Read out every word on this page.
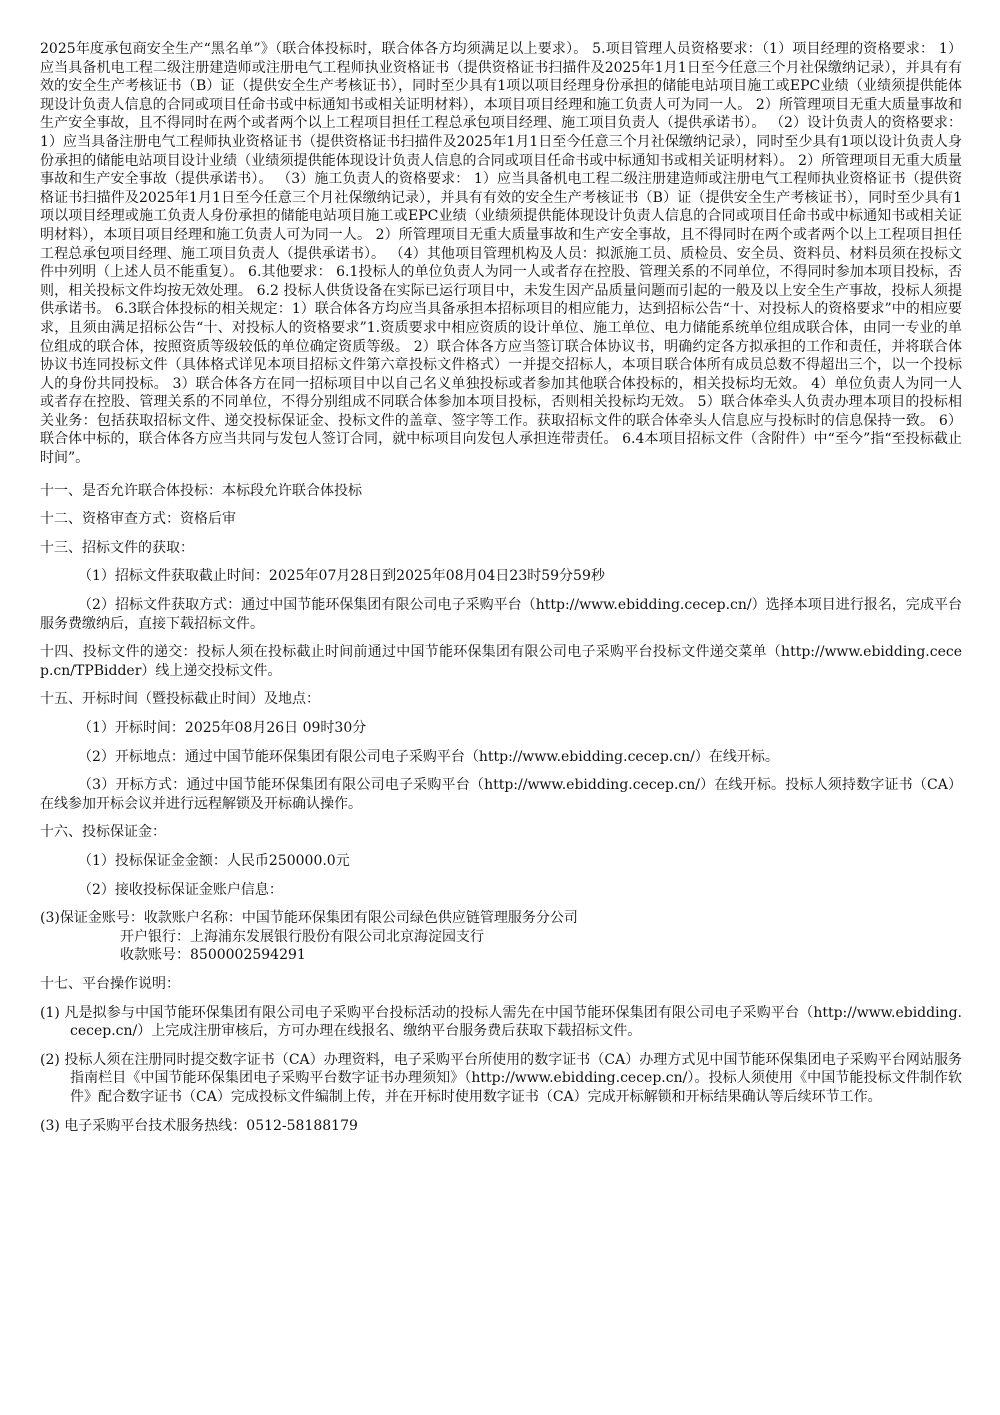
2025年度承包商安全生产“黑名单”》（联合体投标时，联合体各方均须满足以上要求）。 5.项目管理人员资格要求：（1）项目经理的资格要求： 1）应当具备机电工程二级注册建造师或注册电气工程师执业资格证书（提供资格证书扫描件及2025年1月1日至今任意三个月社保缴纳记录），并具有有效的安全生产考核证书（B）证（提供安全生产考核证书），同时至少具有1项以项目经理身份承担的储能电站项目施工或EPC业绩（业绩须提供能体现设计负责人信息的合同或项目任命书或中标通知书或相关证明材料），本项目项目经理和施工负责人可为同一人。 2）所管理项目无重大质量事故和生产安全事故，且不得同时在两个或者两个以上工程项目担任工程总承包项目经理、施工项目负责人（提供承诺书）。 （2）设计负责人的资格要求： 1）应当具备注册电气工程师执业资格证书（提供资格证书扫描件及2025年1月1日至今任意三个月社保缴纳记录），同时至少具有1项以设计负责人身份承担的储能电站项目设计业绩（业绩须提供能体现设计负责人信息的合同或项目任命书或中标通知书或相关证明材料）。 2）所管理项目无重大质量事故和生产安全事故（提供承诺书）。 （3）施工负责人的资格要求： 1）应当具备机电工程二级注册建造师或注册电气工程师执业资格证书（提供资格证书扫描件及2025年1月1日至今任意三个月社保缴纳记录），并具有有效的安全生产考核证书（B）证（提供安全生产考核证书），同时至少具有1项以项目经理或施工负责人身份承担的储能电站项目施工或EPC业绩（业绩须提供能体现设计负责人信息的合同或项目任命书或中标通知书或相关证明材料），本项目项目经理和施工负责人可为同一人。 2）所管理项目无重大质量事故和生产安全事故，且不得同时在两个或者两个以上工程项目担任工程总承包项目经理、施工项目负责人（提供承诺书）。 （4）其他项目管理机构及人员：拟派施工员、质检员、安全员、资料员、材料员须在投标文件中列明（上述人员不能重复）。 6.其他要求： 6.1投标人的单位负责人为同一人或者存在控股、管理关系的不同单位，不得同时参加本项目投标，否则，相关投标文件均按无效处理。 6.2 投标人供货设备在实际已运行项目中，未发生因产品质量问题而引起的一般及以上安全生产事故，投标人须提供承诺书。 6.3联合体投标的相关规定：1）联合体各方均应当具备承担本招标项目的相应能力，达到招标公告“十、对投标人的资格要求”中的相应要求，且须由满足招标公告“十、对投标人的资格要求”1.资质要求中相应资质的设计单位、施工单位、电力储能系统单位组成联合体，由同一专业的单位组成的联合体，按照资质等级较低的单位确定资质等级。 2）联合体各方应当签订联合体协议书，明确约定各方拟承担的工作和责任，并将联合体协议书连同投标文件（具体格式详见本项目招标文件第六章投标文件格式）一并提交招标人，本项目联合体所有成员总数不得超出三个，以一个投标人的身份共同投标。 3）联合体各方在同一招标项目中以自己名义单独投标或者参加其他联合体投标的，相关投标均无效。 4）单位负责人为同一人或者存在控股、管理关系的不同单位，不得分别组成不同联合体参加本项目投标，否则相关投标均无效。 5）联合体牵头人负责办理本项目的投标相关业务：包括获取招标文件、递交投标保证金、投标文件的盖章、签字等工作。获取招标文件的联合体牵头人信息应与投标时的信息保持一致。 6）联合体中标的，联合体各方应当共同与发包人签订合同，就中标项目向发包人承担连带责任。 6.4本项目招标文件（含附件）中“至今”指“至投标截止时间”。
十一、是否允许联合体投标：本标段允许联合体投标
十二、资格审查方式：资格后审
十三、招标文件的获取：
（1）招标文件获取截止时间：2025年07月28日到2025年08月04日23时59分59秒
（2）招标文件获取方式：通过中国节能环保集团有限公司电子采购平台（http://www.ebidding.cecep.cn/）选择本项目进行报名，完成平台服务费缴纳后，直接下载招标文件。
十四、投标文件的递交：投标人须在投标截止时间前通过中国节能环保集团有限公司电子采购平台投标文件递交菜单（http://www.ebidding.cecep.cn/TPBidder）线上递交投标文件。
十五、开标时间（暨投标截止时间）及地点：
（1）开标时间：2025年08月26日 09时30分
（2）开标地点：通过中国节能环保集团有限公司电子采购平台（http://www.ebidding.cecep.cn/）在线开标。
（3）开标方式：通过中国节能环保集团有限公司电子采购平台（http://www.ebidding.cecep.cn/）在线开标。投标人须持数字证书（CA）在线参加开标会议并进行远程解锁及开标确认操作。
十六、投标保证金：
（1）投标保证金金额：人民币250000.0元
（2）接收投标保证金账户信息：
(3)保证金账号：收款账户名称：中国节能环保集团有限公司绿色供应链管理服务分公司
开户银行：上海浦东发展银行股份有限公司北京海淀园支行
收款账号：8500002594291
十七、平台操作说明：
(1) 凡是拟参与中国节能环保集团有限公司电子采购平台投标活动的投标人需先在中国节能环保集团有限公司电子采购平台（http://www.ebidding.cecep.cn/）上完成注册审核后，方可办理在线报名、缴纳平台服务费后获取下载招标文件。
(2) 投标人须在注册同时提交数字证书（CA）办理资料，电子采购平台所使用的数字证书（CA）办理方式见中国节能环保集团电子采购平台网站服务指南栏目《中国节能环保集团电子采购平台数字证书办理须知》（http://www.ebidding.cecep.cn/）。投标人须使用《中国节能投标文件制作软件》配合数字证书（CA）完成投标文件编制上传，并在开标时使用数字证书（CA）完成开标解锁和开标结果确认等后续环节工作。
(3) 电子采购平台技术服务热线：0512-58188179
